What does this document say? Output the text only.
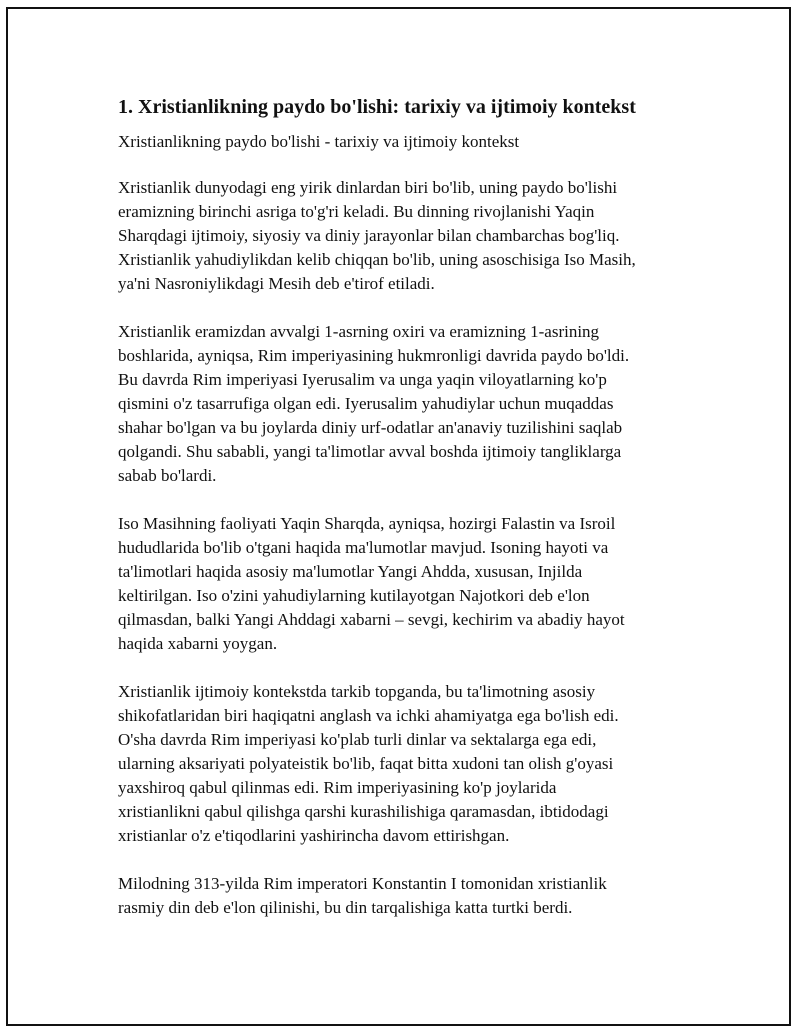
1. Xristianlikning paydo bo'lishi: tarixiy va ijtimoiy kontekst

Xristianlikning paydo bo'lishi - tarixiy va ijtimoiy kontekst

Xristianlik dunyodagi eng yirik dinlardan biri bo'lib, uning paydo bo'lishi
eramizning birinchi asriga to'g'ri keladi. Bu dinning rivojlanishi Yaqin
Sharqdagi ijtimoiy, siyosiy va diniy jarayonlar bilan chambarchas bog'liq.
Xristianlik yahudiylikdan kelib chiqqan bo'lib, uning asoschisiga Iso Masih,
ya'ni Nasroniylikdagi Mesih deb e'tirof etiladi.

Xristianlik eramizdan avvalgi 1-asrning oxiri va eramizning 1-asrining
boshlarida, ayniqsa, Rim imperiyasining hukmronligi davrida paydo bo'ldi.
Bu davrda Rim imperiyasi Iyerusalim va unga yaqin viloyatlarning ko'p
qismini o'z tasarrufiga olgan edi. Iyerusalim yahudiylar uchun muqaddas
shahar bo'lgan va bu joylarda diniy urf-odatlar an'anaviy tuzilishini saqlab
qolgandi. Shu sababli, yangi ta'limotlar avval boshda ijtimoiy tangliklarga
sabab bo'lardi.

Iso Masihning faoliyati Yaqin Sharqda, ayniqsa, hozirgi Falastin va Isroil
hududlarida bo'lib o'tgani haqida ma'lumotlar mavjud. Isoning hayoti va
ta'limotlari haqida asosiy ma'lumotlar Yangi Ahdda, xususan, Injilda
keltirilgan. Iso o'zini yahudiylarning kutilayotgan Najotkori deb e'lon
qilmasdan, balki Yangi Ahddagi xabarni – sevgi, kechirim va abadiy hayot
haqida xabarni yoygan.

Xristianlik ijtimoiy kontekstda tarkib topganda, bu ta'limotning asosiy
shikofatlaridan biri haqiqatni anglash va ichki ahamiyatga ega bo'lish edi.
O'sha davrda Rim imperiyasi ko'plab turli dinlar va sektalarga ega edi,
ularning aksariyati polyateistik bo'lib, faqat bitta xudoni tan olish g'oyasi
yaxshiroq qabul qilinmas edi. Rim imperiyasining ko'p joylarida
xristianlikni qabul qilishga qarshi kurashilishiga qaramasdan, ibtidodagi
xristianlar o'z e'tiqodlarini yashirincha davom ettirishgan.

Milodning 313-yilda Rim imperatori Konstantin I tomonidan xristianlik
rasmiy din deb e'lon qilinishi, bu din tarqalishiga katta turtki berdi.
